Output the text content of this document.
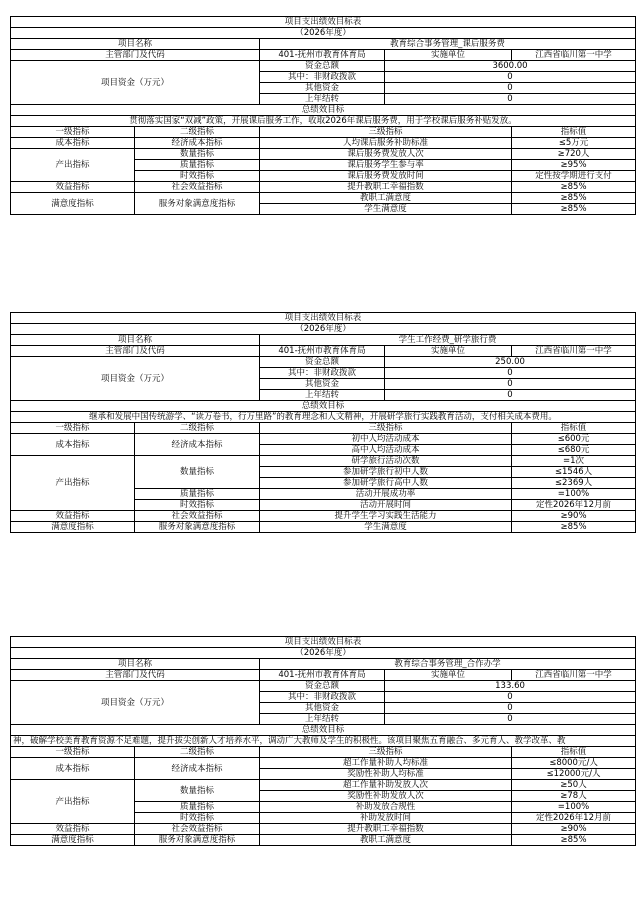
项目支出绩效目标表				
（2026年度）				
项目名称		教育综合事务管理_课后服务费		
主管部门及代码		401-抚州市教育体育局	实施单位	江西省临川第一中学
项目资金（万元）		资金总额	3600.00	
		其中：非财政拨款	0	
		其他资金	0	
		上年结转	0	
总绩效目标				
贯彻落实国家“双减”政策，开展课后服务工作，收取2026年课后服务费，用于学校课后服务补贴发放。				
一级指标	二级指标	三级指标		指标值
成本指标	经济成本指标	人均课后服务补助标准		≤5万元
产出指标	数量指标	课后服务费发放人次		≥720人
	质量指标	课后服务学生参与率		≥95%
	时效指标	课后服务费发放时间		定性按学期进行支付
效益指标	社会效益指标	提升教职工幸福指数		≥85%
满意度指标	服务对象满意度指标	教职工满意度		≥85%
		学生满意度		≥85%
项目支出绩效目标表				
（2026年度）				
项目名称		学生工作经费_研学旅行费		
主管部门及代码		401-抚州市教育体育局	实施单位	江西省临川第一中学
项目资金（万元）		资金总额	250.00	
		其中：非财政拨款	0	
		其他资金	0	
		上年结转	0	
总绩效目标				
继承和发展中国传统游学、“读万卷书，行万里路”的教育理念和人文精神，开展研学旅行实践教育活动，支付相关成本费用。				
一级指标	二级指标	三级指标		指标值
成本指标	经济成本指标	初中人均活动成本		≤600元
		高中人均活动成本		≤680元
产出指标	数量指标	研学旅行活动次数		=1次
		参加研学旅行初中人数		≤1546人
		参加研学旅行高中人数		≤2369人
	质量指标	活动开展成功率		=100%
	时效指标	活动开展时间		定性2026年12月前
效益指标	社会效益指标	提升学生学习实践生活能力		≥90%
满意度指标	服务对象满意度指标	学生满意度		≥85%
项目支出绩效目标表				
（2026年度）				
项目名称		教育综合事务管理_合作办学		
主管部门及代码		401-抚州市教育体育局	实施单位	江西省临川第一中学
项目资金（万元）		资金总额	133.60	
		其中：非财政拨款	0	
		其他资金	0	
		上年结转	0	
总绩效目标				
神，破解学校美育教育资源不足难题，提升拔尖创新人才培养水平，调动广大教师及学生的积极性。该项目聚焦五育融合、多元育人、教学改革、教				
一级指标	二级指标	三级指标		指标值
成本指标	经济成本指标	超工作量补助人均标准		≤8000元/人
		奖励性补助人均标准		≤12000元/人
产出指标	数量指标	超工作量补助发放人次		≥50人
		奖励性补助发放人次		≥78人
	质量指标	补助发放合规性		=100%
	时效指标	补助发放时间		定性2026年12月前
效益指标	社会效益指标	提升教职工幸福指数		≥90%
满意度指标	服务对象满意度指标	教职工满意度		≥85%
